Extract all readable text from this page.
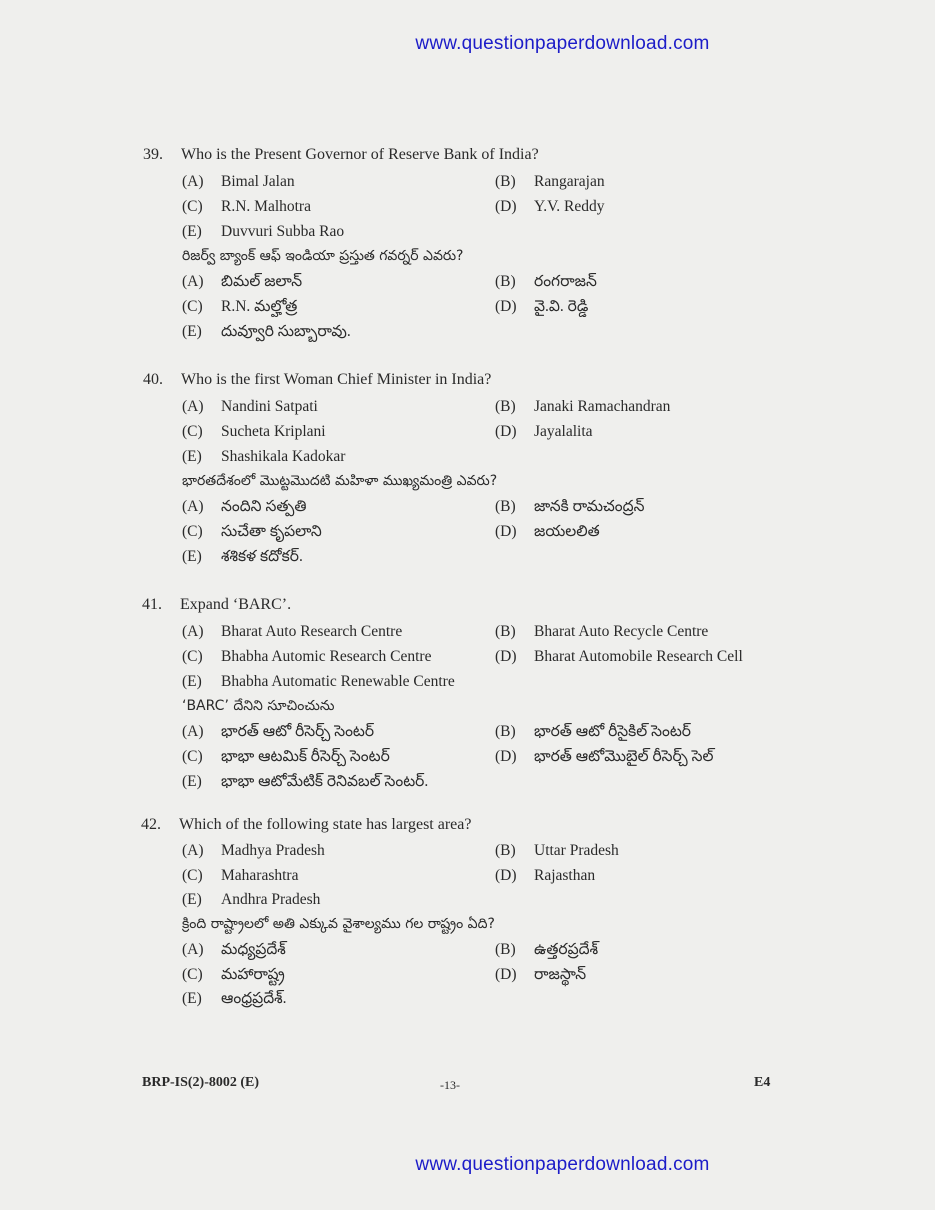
www.questionpaperdownload.com
39. Who is the Present Governor of Reserve Bank of India?
(A) Bimal Jalan	(B) Rangarajan
(C) R.N. Malhotra	(D) Y.V. Reddy
(E) Duvvuri Subba Rao
రిజర్వ్ బ్యాంక్ ఆఫ్ ఇండియా ప్రస్తుత గవర్నర్ ఎవరు?
(A) బిమల్ జలాన్	(B) రంగరాజన్
(C) R.N. మల్హోత్ర	(D) వై.వి. రెడ్డి
(E) దువ్వూరి సుబ్బారావు.
40. Who is the first Woman Chief Minister in India?
(A) Nandini Satpati	(B) Janaki Ramachandran
(C) Sucheta Kriplani	(D) Jayalalita
(E) Shashikala Kadokar
భారతదేశంలో మొట్టమొదటి మహిళా ముఖ్యమంత్రి ఎవరు?
(A) నందిని సత్పతి	(B) జానకి రామచంద్రన్
(C) సుచేతా కృపలాని	(D) జయలలిత
(E) శశికళ కదోకర్.
41. Expand ‘BARC’.
(A) Bharat Auto Research Centre	(B) Bharat Auto Recycle Centre
(C) Bhabha Automic Research Centre	(D) Bharat Automobile Research Cell
(E) Bhabha Automatic Renewable Centre
‘BARC’ దేనిని సూచించును
(A) భారత్ ఆటో రీసెర్చ్ సెంటర్	(B) భారత్ ఆటో రీసైకిల్ సెంటర్
(C) భాభా ఆటమిక్ రీసెర్చ్ సెంటర్	(D) భారత్ ఆటోమొబైల్ రీసెర్చ్ సెల్
(E) భాభా ఆటోమేటిక్ రెనివబల్ సెంటర్.
42. Which of the following state has largest area?
(A) Madhya Pradesh	(B) Uttar Pradesh
(C) Maharashtra	(D) Rajasthan
(E) Andhra Pradesh
క్రింది రాష్ట్రాలలో అతి ఎక్కువ వైశాల్యము గల రాష్ట్రం ఏది?
(A) మధ్యప్రదేశ్	(B) ఉత్తరప్రదేశ్
(C) మహారాష్ట్ర	(D) రాజస్థాన్
(E) ఆంధ్రప్రదేశ్.
BRP-IS(2)-8002 (E)	-13-	E4
www.questionpaperdownload.com
